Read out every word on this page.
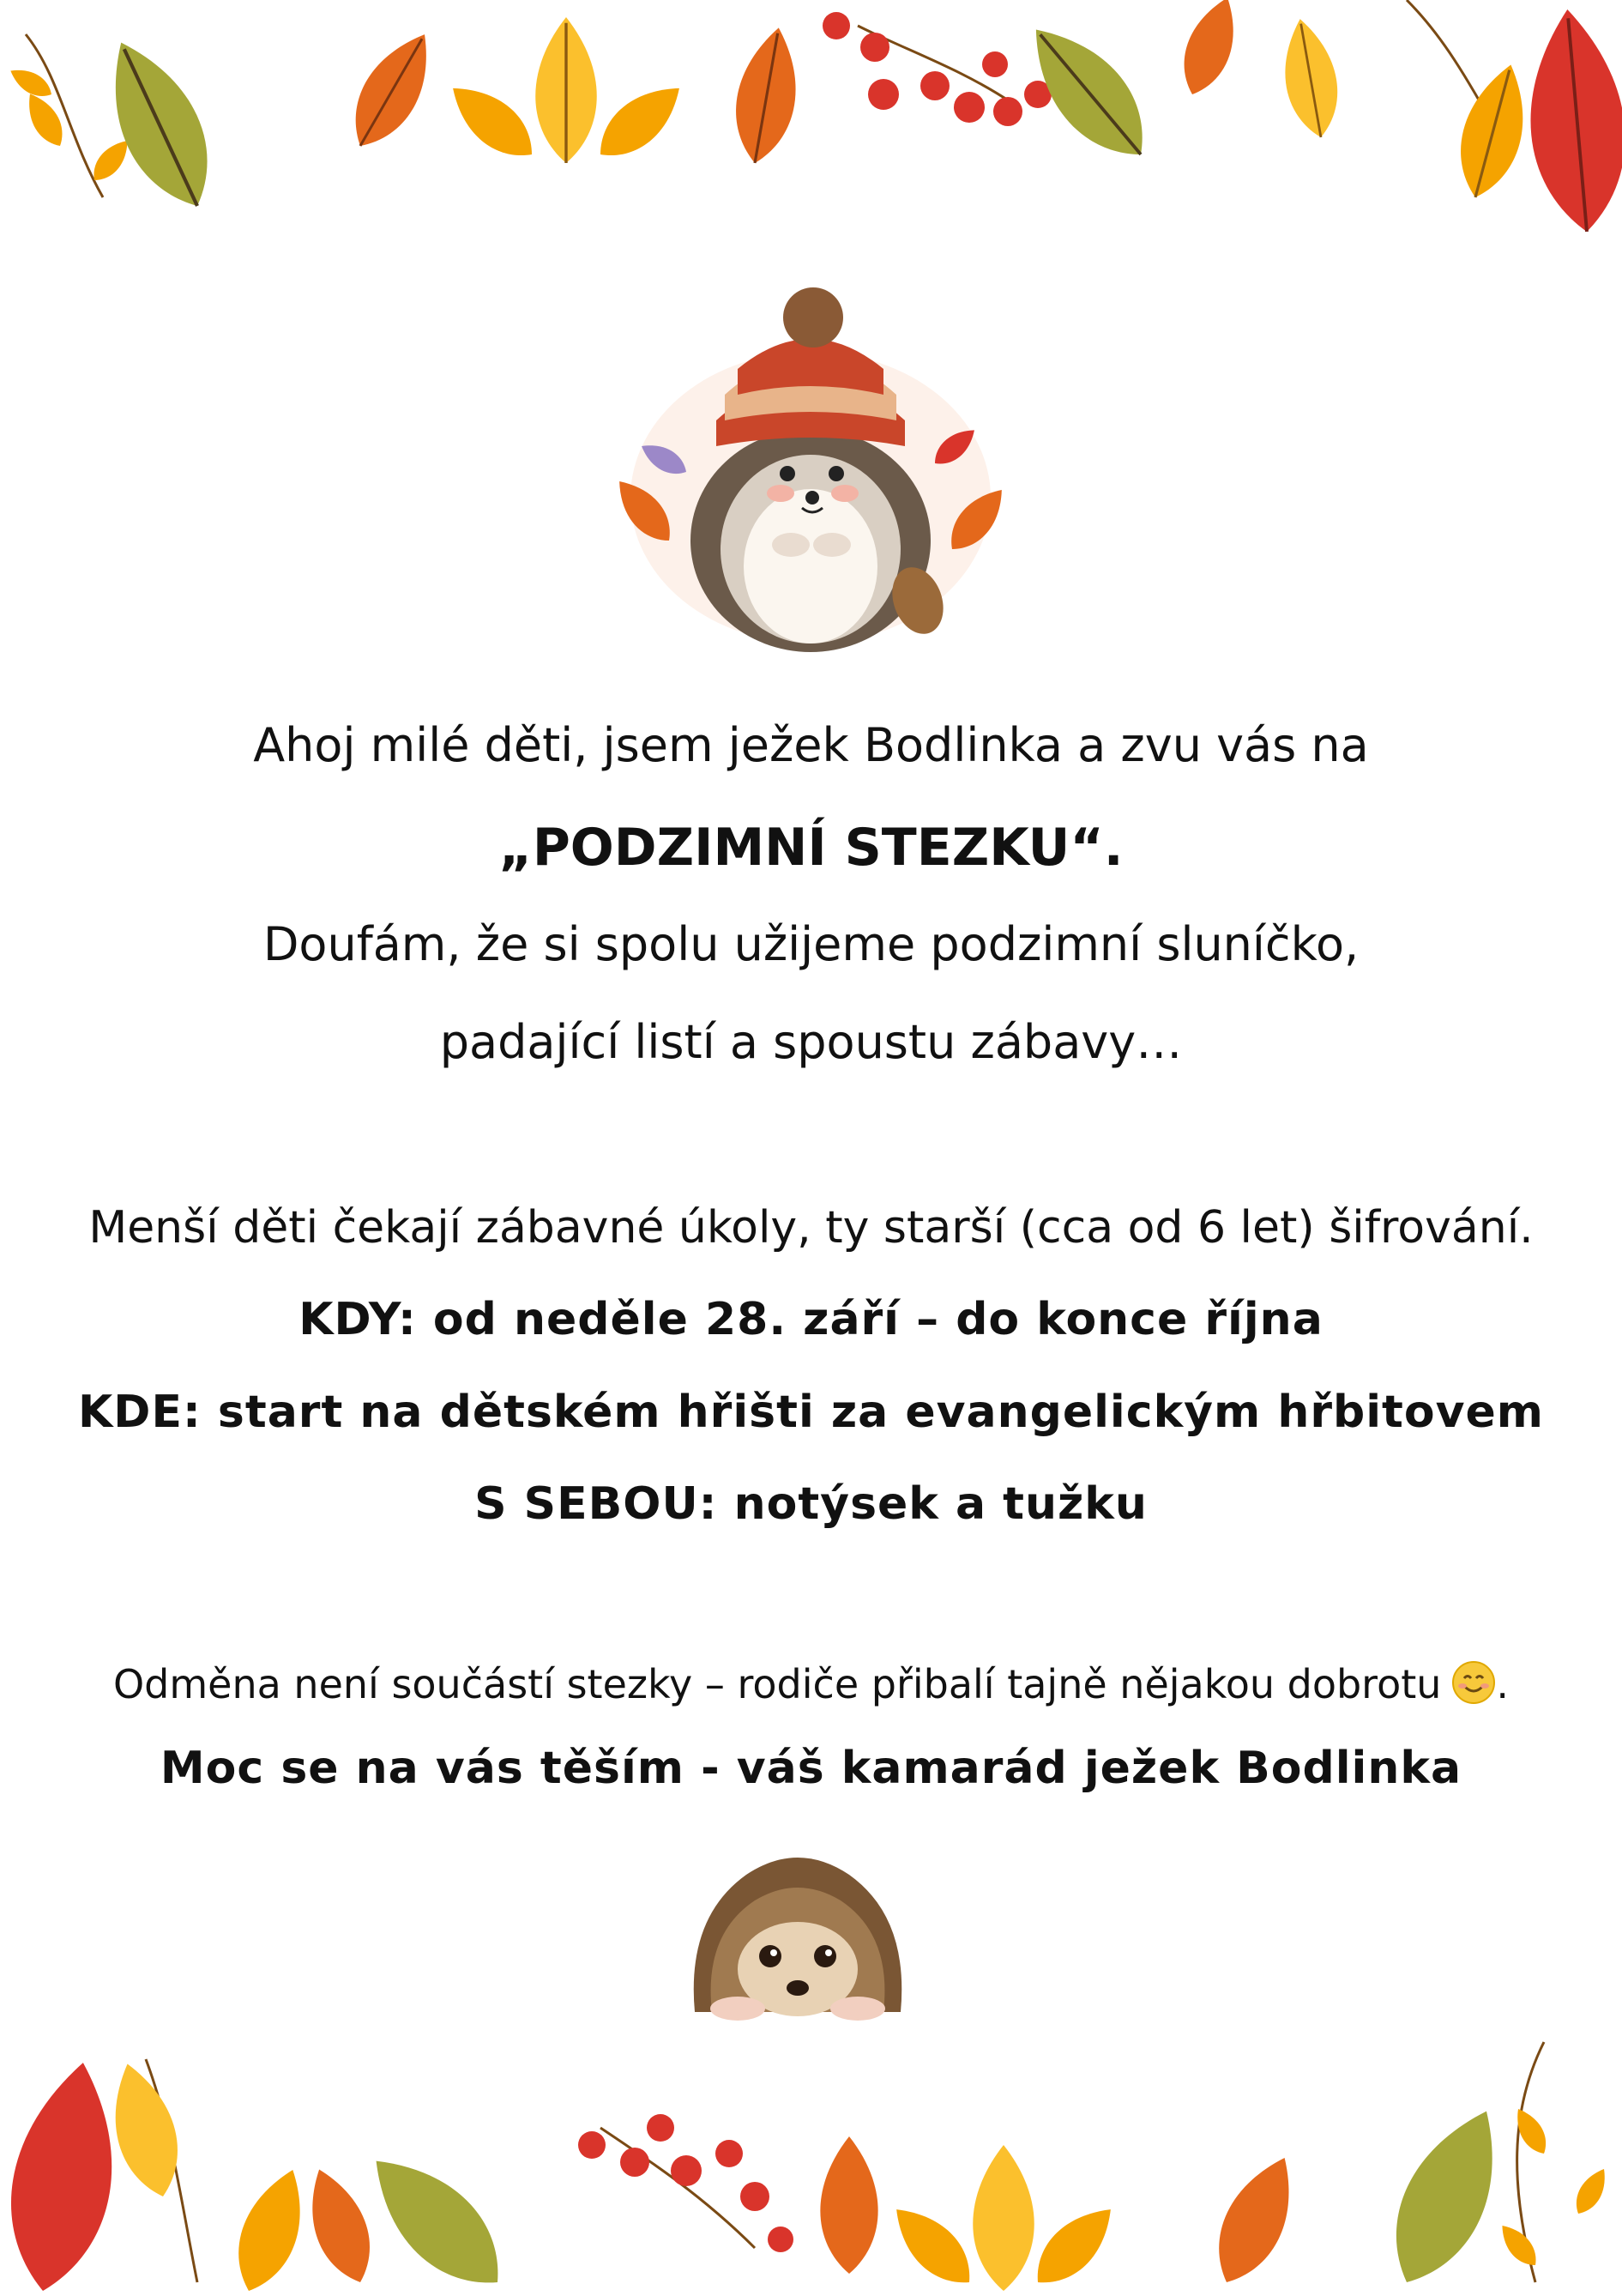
Ahoj milé děti, jsem ježek Bodlinka a zvu vás na
„PODZIMNÍ STEZKU“.
Doufám, že si spolu užijeme podzimní sluníčko,
padající listí a spoustu zábavy…
Menší děti čekají zábavné úkoly, ty starší (cca od 6 let) šifrování.
KDY: od neděle 28. září – do konce října
KDE: start na dětském hřišti za evangelickým hřbitovem
S SEBOU: notýsek a tužku
Odměna není součástí stezky – rodiče přibalí tajně nějakou dobrotu .
Moc se na vás těším - váš kamarád ježek Bodlinka
